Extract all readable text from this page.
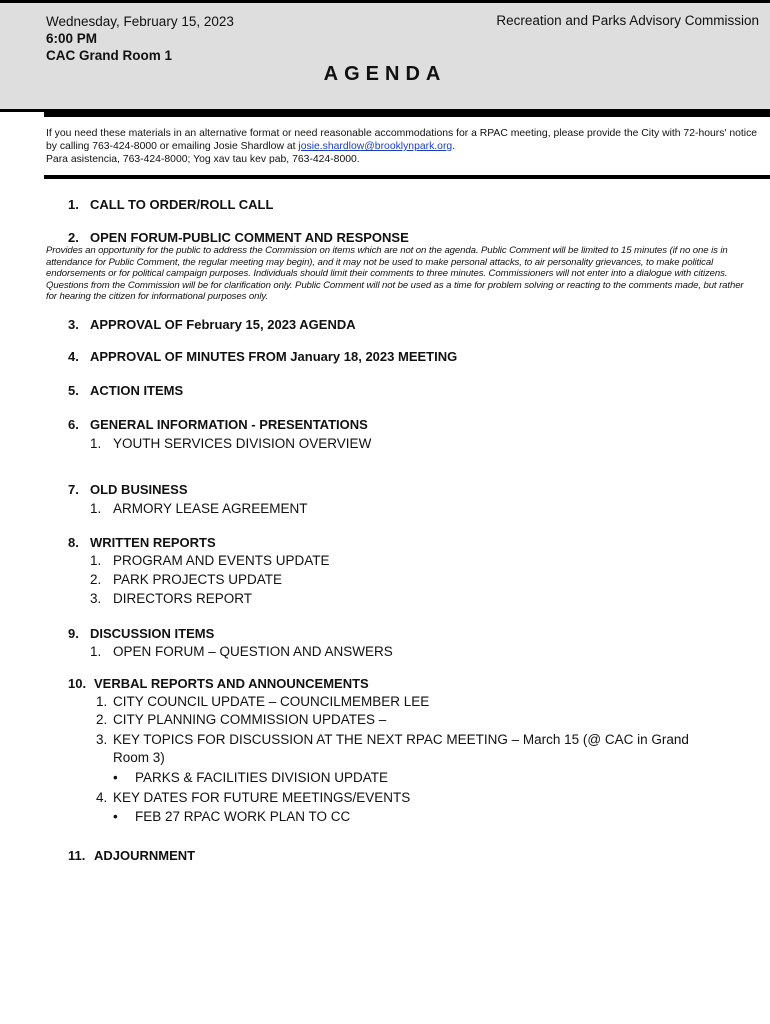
Wednesday, February 15, 2023
6:00 PM
CAC Grand Room 1
Recreation and Parks Advisory Commission
AGENDA
If you need these materials in an alternative format or need reasonable accommodations for a RPAC meeting, please provide the City with 72-hours' notice by calling 763-424-8000 or emailing Josie Shardlow at josie.shardlow@brooklynpark.org.
Para asistencia, 763-424-8000; Yog xav tau kev pab, 763-424-8000.
1. CALL TO ORDER/ROLL CALL
2. OPEN FORUM-PUBLIC COMMENT AND RESPONSE
Provides an opportunity for the public to address the Commission on items which are not on the agenda. Public Comment will be limited to 15 minutes (if no one is in attendance for Public Comment, the regular meeting may begin), and it may not be used to make personal attacks, to air personality grievances, to make political endorsements or for political campaign purposes. Individuals should limit their comments to three minutes. Commissioners will not enter into a dialogue with citizens. Questions from the Commission will be for clarification only. Public Comment will not be used as a time for problem solving or reacting to the comments made, but rather for hearing the citizen for informational purposes only.
3. APPROVAL OF February 15, 2023 AGENDA
4. APPROVAL OF MINUTES FROM January 18, 2023 MEETING
5. ACTION ITEMS
6. GENERAL INFORMATION - PRESENTATIONS
1. YOUTH SERVICES DIVISION OVERVIEW
7. OLD BUSINESS
1. ARMORY LEASE AGREEMENT
8. WRITTEN REPORTS
1. PROGRAM AND EVENTS UPDATE
2. PARK PROJECTS UPDATE
3. DIRECTORS REPORT
9. DISCUSSION ITEMS
1. OPEN FORUM – QUESTION AND ANSWERS
10. VERBAL REPORTS AND ANNOUNCEMENTS
1. CITY COUNCIL UPDATE – COUNCILMEMBER LEE
2. CITY PLANNING COMMISSION UPDATES –
3. KEY TOPICS FOR DISCUSSION AT THE NEXT RPAC MEETING – March 15 (@ CAC in Grand
Room 3)
• PARKS & FACILITIES DIVISION UPDATE
4. KEY DATES FOR FUTURE MEETINGS/EVENTS
• FEB 27 RPAC WORK PLAN TO CC
11. ADJOURNMENT
